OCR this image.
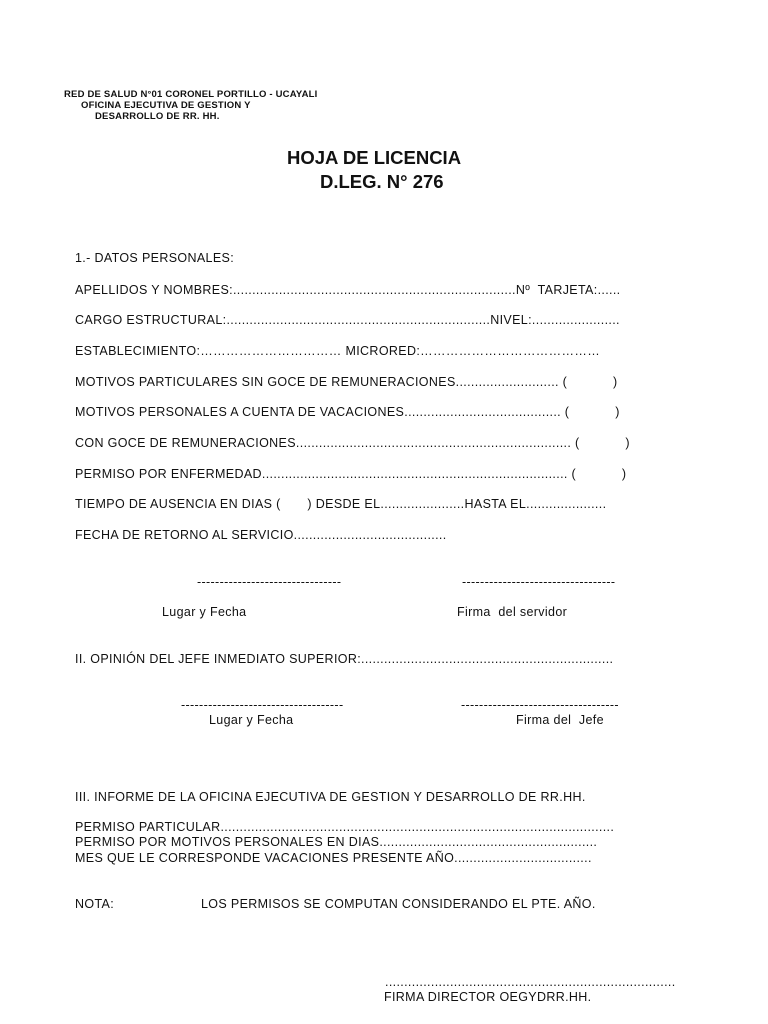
RED DE SALUD N°01 CORONEL PORTILLO - UCAYALI
OFICINA EJECUTIVA DE GESTION Y
DESARROLLO DE RR. HH.
HOJA DE LICENCIA
D.LEG. N° 276
1.- DATOS PERSONALES:
APELLIDOS Y NOMBRES:..........................................................................Nº  TARJETA:......
CARGO ESTRUCTURAL:.....................................................................NIVEL:.......................
ESTABLECIMIENTO:…………………………… MICRORED:……………………………………
MOTIVOS PARTICULARES SIN GOCE DE REMUNERACIONES........................... (            )
MOTIVOS PERSONALES A CUENTA DE VACACIONES......................................... (            )
CON GOCE DE REMUNERACIONES........................................................................ (            )
PERMISO POR ENFERMEDAD................................................................................ (            )
TIEMPO DE AUSENCIA EN DIAS (       ) DESDE EL......................HASTA EL.....................
FECHA DE RETORNO AL SERVICIO........................................
--------------------------------	----------------------------------
Lugar y Fecha	Firma  del servidor
II. OPINIÓN DEL JEFE INMEDIATO SUPERIOR:..................................................................
------------------------------------	-----------------------------------
Lugar y Fecha	Firma del  Jefe
III. INFORME DE LA OFICINA EJECUTIVA DE GESTION Y DESARROLLO DE RR.HH.
PERMISO PARTICULAR.......................................................................................................
PERMISO POR MOTIVOS PERSONALES EN DIAS.........................................................
MES QUE LE CORRESPONDE VACACIONES PRESENTE AÑO....................................
NOTA:	LOS PERMISOS SE COMPUTAN CONSIDERANDO EL PTE. AÑO.
............................................................................
FIRMA DIRECTOR OEGYDRR.HH.
